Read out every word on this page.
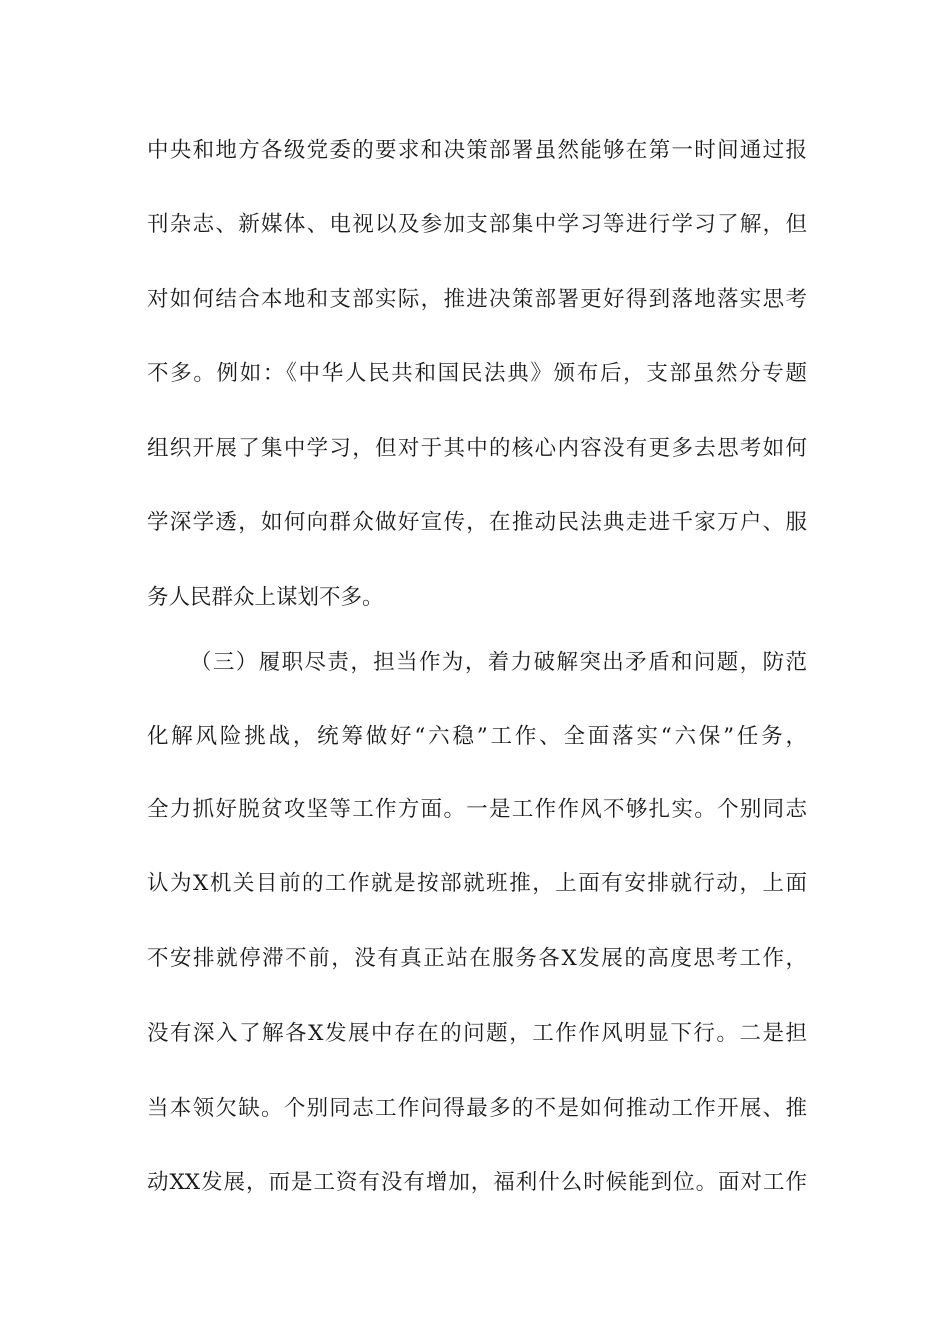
中央和地方各级党委的要求和决策部署虽然能够在第一时间通过报
刊杂志、新媒体、电视以及参加支部集中学习等进行学习了解，但
对如何结合本地和支部实际，推进决策部署更好得到落地落实思考
不多。例如：《中华人民共和国民法典》颁布后，支部虽然分专题
组织开展了集中学习，但对于其中的核心内容没有更多去思考如何
学深学透，如何向群众做好宣传，在推动民法典走进千家万户、服
务人民群众上谋划不多。
（三）履职尽责，担当作为，着力破解突出矛盾和问题，防范
化解风险挑战，统筹做好“六稳”工作、全面落实“六保”任务，
全力抓好脱贫攻坚等工作方面。一是工作作风不够扎实。个别同志
认为X机关目前的工作就是按部就班推，上面有安排就行动，上面
不安排就停滞不前，没有真正站在服务各X发展的高度思考工作，
没有深入了解各X发展中存在的问题，工作作风明显下行。二是担
当本领欠缺。个别同志工作问得最多的不是如何推动工作开展、推
动XX发展，而是工资有没有增加，福利什么时候能到位。面对工作
